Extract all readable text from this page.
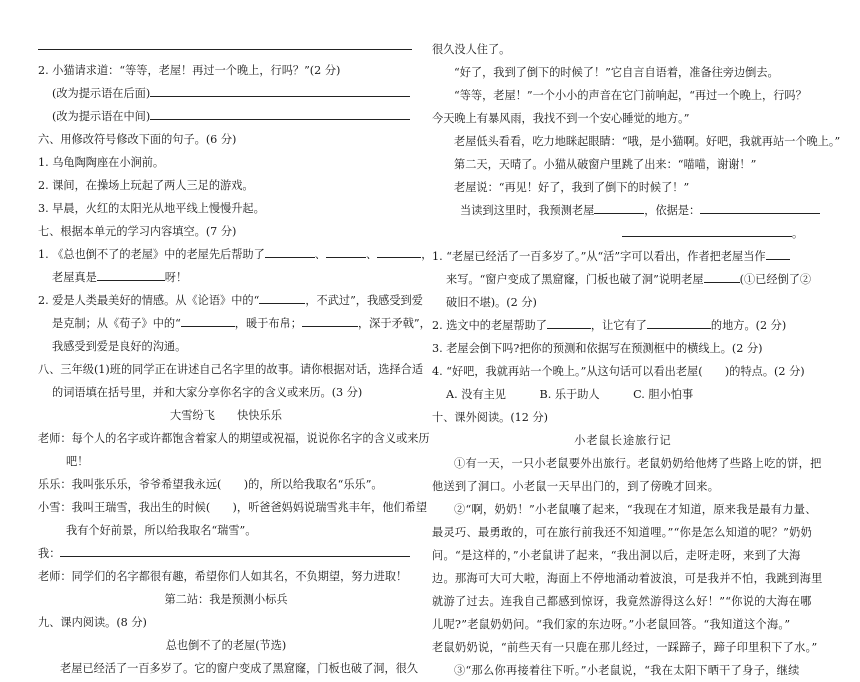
2. 小猫请求道：“等等，老屋！再过一个晚上，行吗？”(2 分)
(改为提示语在后面)
(改为提示语在中间)
六、用修改符号修改下面的句子。(6 分)
1. 乌龟陶陶座在小涧前。
2. 课间，在操场上玩起了两人三足的游戏。
3. 早晨，火红的太阳光从地平线上慢慢升起。
七、根据本单元的学习内容填空。(7 分)
1. 《总也倒不了的老屋》中的老屋先后帮助了	、	、	，
老屋真是	呀！
2. 爱是人类最美好的情感。从《论语》中的“	，不武过”，我感受到爱
是克制；从《荀子》中的“	，暖于布帛；	，深于矛戟”，
我感受到爱是良好的沟通。
八、三年级(1)班的同学正在讲述自己名字里的故事。请你根据对话，选择合适
的词语填在括号里，并和大家分享你名字的含义或来历。(3 分)
大雪纷飞　　快快乐乐
老师：每个人的名字或许都饱含着家人的期望或祝福，说说你名字的含义或来历
吧！
乐乐：我叫张乐乐，爷爷希望我永远(　　)的，所以给我取名“乐乐”。
小雪：我叫王瑞雪，我出生的时候(　　)，听爸爸妈妈说瑞雪兆丰年，他们希望
我有个好前景，所以给我取名“瑞雪”。
我：
老师：同学们的名字都很有趣，希望你们人如其名，不负期望，努力进取！
第二站：我是预测小标兵
九、课内阅读。(8 分)
总也倒不了的老屋(节选)
老屋已经活了一百多岁了。它的窗户变成了黑窟窿，门板也破了洞，很久
很久没人住了。
“好了，我到了倒下的时候了！”它自言自语着，准备往旁边倒去。
“等等，老屋！”一个小小的声音在它门前响起，“再过一个晚上，行吗？
今天晚上有暴风雨，我找不到一个安心睡觉的地方。”
老屋低头看看，吃力地眯起眼睛：“哦，是小猫啊。好吧，我就再站一个晚上。”
第二天，天晴了。小猫从破窗户里跳了出来：“喵喵，谢谢！”
老屋说：“再见！好了，我到了倒下的时候了！”
当读到这里时，我预测老屋	，依据是：
。
1. “老屋已经活了一百多岁了。”从“活”字可以看出，作者把老屋当作
来写。“窗户变成了黑窟窿，门板也破了洞”说明老屋	(①已经倒了②
破旧不堪)。(2 分)
2. 选文中的老屋帮助了	，让它有了	的地方。(2 分)
3. 老屋会倒下吗?把你的预测和依据写在预测框中的横线上。(2 分)
4. “好吧，我就再站一个晚上。”从这句话可以看出老屋(　　)的特点。(2 分)
A. 没有主见　　　B. 乐于助人　　　C. 胆小怕事
十、课外阅读。(12 分)
小老鼠长途旅行记
①有一天，一只小老鼠要外出旅行。老鼠奶奶给他烤了些路上吃的饼，把
他送到了洞口。小老鼠一天早出门的，到了傍晚才回来。
②“啊，奶奶！”小老鼠嚷了起来，“我现在才知道，原来我是最有力量、
最灵巧、最勇敢的，可在旅行前我还不知道哩。”“你是怎么知道的呢？”奶奶
问。“是这样的，”小老鼠讲了起来，“我出洞以后，走呀走呀，来到了大海
边。那海可大可大啦，海面上不停地涌动着波浪，可是我并不怕，我跳到海里
就游了过去。连我自己都感到惊讶，我竟然游得这么好！”“你说的大海在哪
儿呢?”老鼠奶奶问。“我们家的东边呀。”小老鼠回答。“我知道这个海。”
老鼠奶奶说，“前些天有一只鹿在那儿经过，一踩蹄子，蹄子印里积下了水。”
③“那么你再接着往下听。”小老鼠说，“我在太阳下晒干了身子，继续
